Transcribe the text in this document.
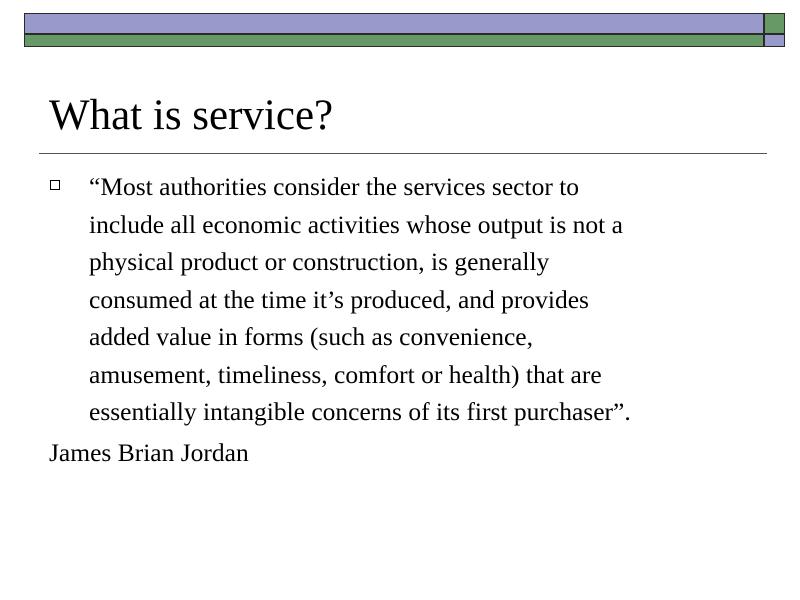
What is service?

“Most authorities consider the services sector to
include all economic activities whose output is not a
physical product or construction, is generally
consumed at the time it’s produced, and provides
added value in forms (such as convenience,
amusement, timeliness, comfort or health) that are
essentially intangible concerns of its first purchaser”.

James Brian Jordan
